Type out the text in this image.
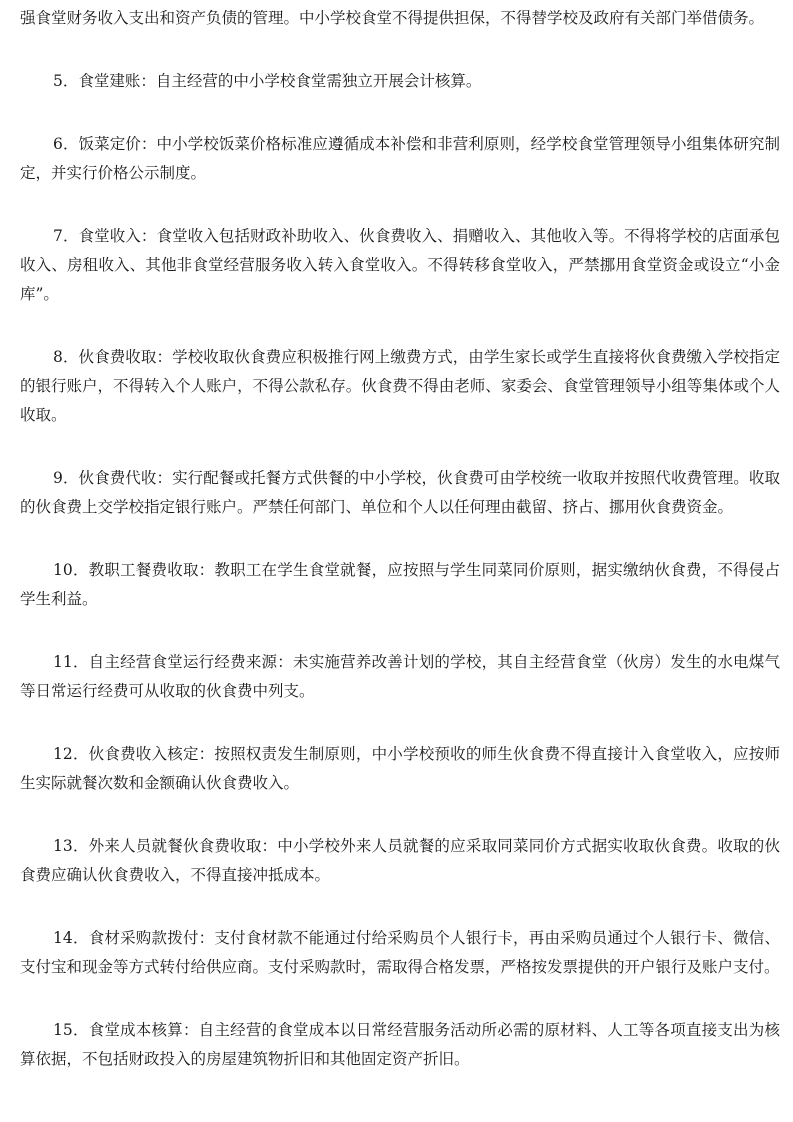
强食堂财务收入支出和资产负债的管理。中小学校食堂不得提供担保，不得替学校及政府有关部门举借债务。

5．食堂建账：自主经营的中小学校食堂需独立开展会计核算。

6．饭菜定价：中小学校饭菜价格标准应遵循成本补偿和非营利原则，经学校食堂管理领导小组集体研究制定，并实行价格公示制度。

7．食堂收入：食堂收入包括财政补助收入、伙食费收入、捐赠收入、其他收入等。不得将学校的店面承包收入、房租收入、其他非食堂经营服务收入转入食堂收入。不得转移食堂收入，严禁挪用食堂资金或设立“小金库”。

8．伙食费收取：学校收取伙食费应积极推行网上缴费方式，由学生家长或学生直接将伙食费缴入学校指定的银行账户，不得转入个人账户，不得公款私存。伙食费不得由老师、家委会、食堂管理领导小组等集体或个人收取。

9．伙食费代收：实行配餐或托餐方式供餐的中小学校，伙食费可由学校统一收取并按照代收费管理。收取的伙食费上交学校指定银行账户。严禁任何部门、单位和个人以任何理由截留、挤占、挪用伙食费资金。

10．教职工餐费收取：教职工在学生食堂就餐，应按照与学生同菜同价原则，据实缴纳伙食费，不得侵占学生利益。

11．自主经营食堂运行经费来源：未实施营养改善计划的学校，其自主经营食堂（伙房）发生的水电煤气等日常运行经费可从收取的伙食费中列支。

12．伙食费收入核定：按照权责发生制原则，中小学校预收的师生伙食费不得直接计入食堂收入，应按师生实际就餐次数和金额确认伙食费收入。

13．外来人员就餐伙食费收取：中小学校外来人员就餐的应采取同菜同价方式据实收取伙食费。收取的伙食费应确认伙食费收入，不得直接冲抵成本。

14．食材采购款拨付：支付食材款不能通过付给采购员个人银行卡，再由采购员通过个人银行卡、微信、支付宝和现金等方式转付给供应商。支付采购款时，需取得合格发票，严格按发票提供的开户银行及账户支付。

15．食堂成本核算：自主经营的食堂成本以日常经营服务活动所必需的原材料、人工等各项直接支出为核算依据，不包括财政投入的房屋建筑物折旧和其他固定资产折旧。
